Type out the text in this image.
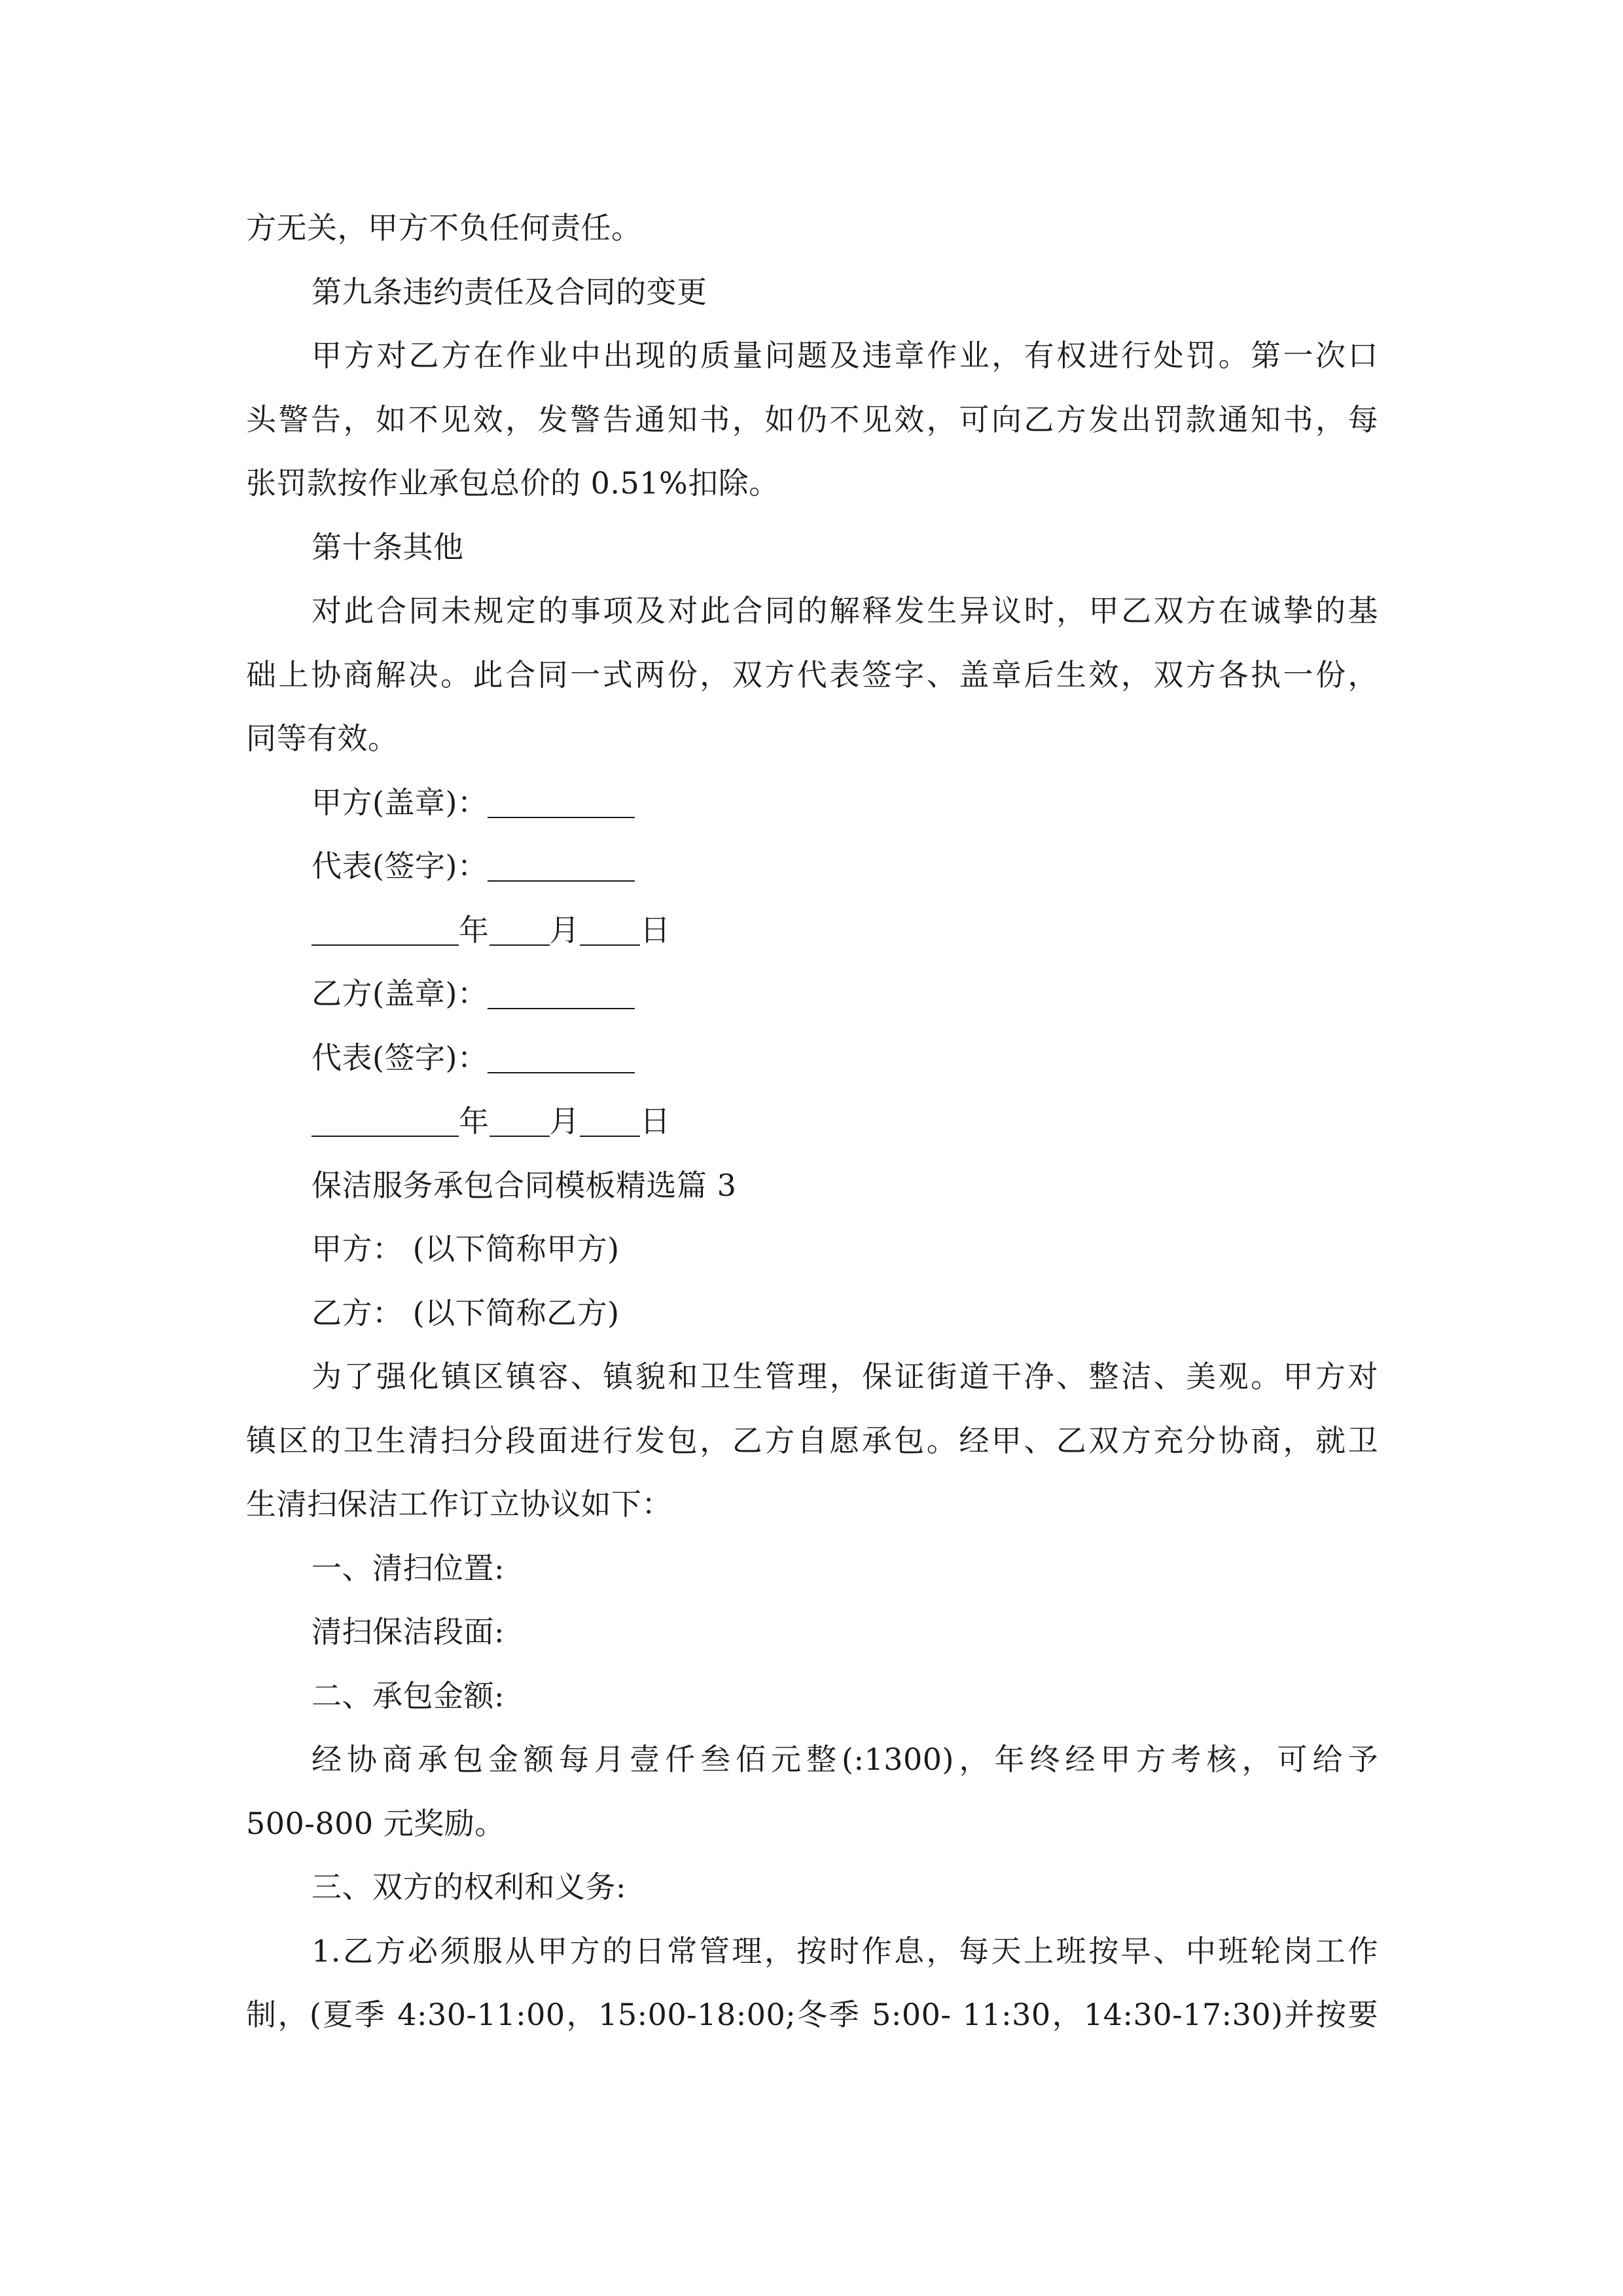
方无关，甲方不负任何责任。
第九条违约责任及合同的变更
甲方对乙方在作业中出现的质量问题及违章作业，有权进行处罚。第一次口
头警告，如不见效，发警告通知书，如仍不见效，可向乙方发出罚款通知书，每
张罚款按作业承包总价的 0.51%扣除。
第十条其他
对此合同未规定的事项及对此合同的解释发生异议时，甲乙双方在诚挚的基
础上协商解决。此合同一式两份，双方代表签字、盖章后生效，双方各执一份，
同等有效。
甲方(盖章)：
代表(签字)：
年 月 日
乙方(盖章)：
代表(签字)：
年 月 日
保洁服务承包合同模板精选篇 3
甲方： (以下简称甲方)
乙方： (以下简称乙方)
为了强化镇区镇容、镇貌和卫生管理，保证街道干净、整洁、美观。甲方对
镇区的卫生清扫分段面进行发包，乙方自愿承包。经甲、乙双方充分协商，就卫
生清扫保洁工作订立协议如下：
一、清扫位置:
清扫保洁段面:
二、承包金额:
经协商承包金额每月壹仟叁佰元整(:1300)，年终经甲方考核，可给予
500-800 元奖励。
三、双方的权利和义务:
1.乙方必须服从甲方的日常管理，按时作息，每天上班按早、中班轮岗工作
制，(夏季 4:30-11:00，15:00-18:00;冬季 5:00- 11:30，14:30-17:30)并按要
